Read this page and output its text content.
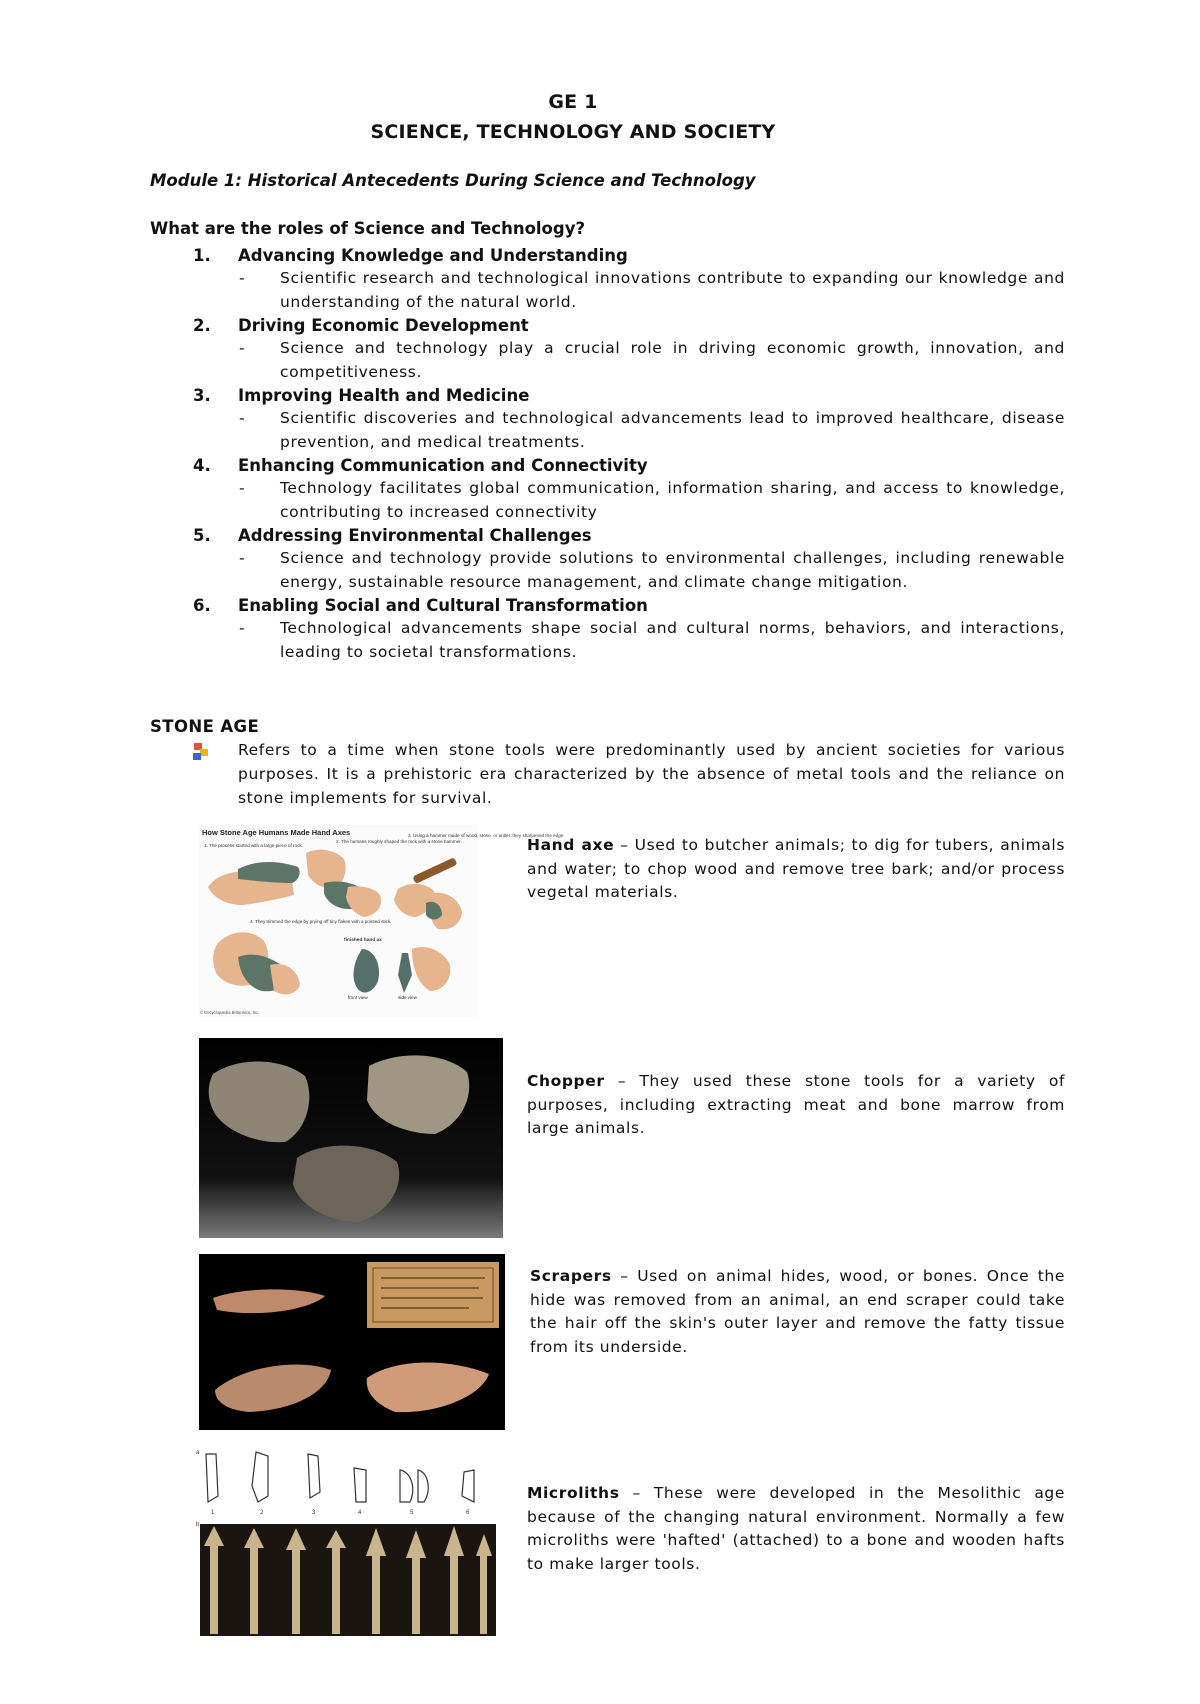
GE 1
SCIENCE, TECHNOLOGY AND SOCIETY
Module 1: Historical Antecedents During Science and Technology
What are the roles of Science and Technology?
1.	Advancing Knowledge and Understanding
-	Scientific research and technological innovations contribute to expanding our knowledge and understanding of the natural world.
2.	Driving Economic Development
-	Science and technology play a crucial role in driving economic growth, innovation, and competitiveness.
3.	Improving Health and Medicine
-	Scientific discoveries and technological advancements lead to improved healthcare, disease prevention, and medical treatments.
4.	Enhancing Communication and Connectivity
-	Technology facilitates global communication, information sharing, and access to knowledge, contributing to increased connectivity
5.	Addressing Environmental Challenges
-	Science and technology provide solutions to environmental challenges, including renewable energy, sustainable resource management, and climate change mitigation.
6.	Enabling Social and Cultural Transformation
-	Technological advancements shape social and cultural norms, behaviors, and interactions, leading to societal transformations.
STONE AGE
Refers to a time when stone tools were predominantly used by ancient societies for various purposes. It is a prehistoric era characterized by the absence of metal tools and the reliance on stone implements for survival.
How Stone Age Humans Made Hand Axes
1. The process started with a large piece of rock.
2. The humans roughly shaped the rock with a stone hammer.
3. Using a hammer made of wood, stone, or antler, they sharpened the edge.
4. They trimmed the edge by prying off tiny flakes with a pointed stick.
finished hand ax
front view	side view
© Encyclopædia Britannica, Inc.
Hand axe – Used to butcher animals; to dig for tubers, animals and water; to chop wood and remove tree bark; and/or process vegetal materials.
Chopper – They used these stone tools for a variety of purposes, including extracting meat and bone marrow from large animals.
Scrapers – Used on animal hides, wood, or bones. Once the hide was removed from an animal, an end scraper could take the hair off the skin's outer layer and remove the fatty tissue from its underside.
a
1	2	3	4	5	6
b
Microliths – These were developed in the Mesolithic age because of the changing natural environment. Normally a few microliths were 'hafted' (attached) to a bone and wooden hafts to make larger tools.
